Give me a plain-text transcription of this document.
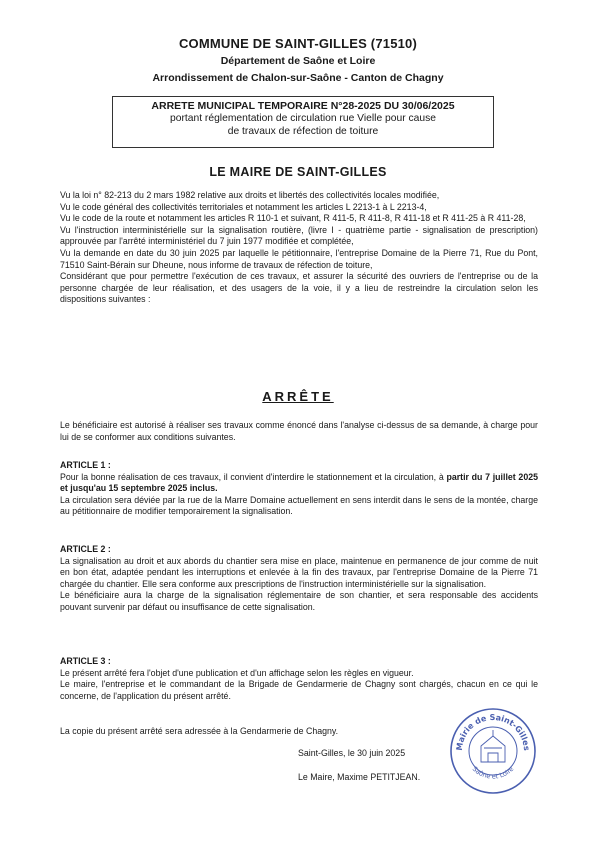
COMMUNE DE SAINT-GILLES (71510)
Département de Saône et Loire
Arrondissement de Chalon-sur-Saône - Canton de Chagny
ARRETE MUNICIPAL TEMPORAIRE N°28-2025 DU 30/06/2025
portant réglementation de circulation rue Vielle pour cause
de travaux de réfection de toiture
LE MAIRE DE SAINT-GILLES

Vu la loi n° 82-213 du 2 mars 1982 relative aux droits et libertés des collectivités locales modifiée,

Vu le code général des collectivités territoriales et notamment les articles L 2213-1 à L 2213-4,

Vu le code de la route et notamment les articles R 110-1 et suivant, R 411-5, R 411-8, R 411-18 et R 411-25 à R 411-28,

Vu l'instruction interministérielle sur la signalisation routière, (livre I - quatrième partie - signalisation de prescription) approuvée par l'arrêté interministériel du 7 juin 1977 modifiée et complétée,

Vu la demande en date du 30 juin 2025 par laquelle le pétitionnaire, l'entreprise Domaine de la Pierre 71, Rue du Pont, 71510 Saint-Bérain sur Dheune, nous informe de travaux de réfection de toiture,

Considérant que pour permettre l'exécution de ces travaux, et assurer la sécurité des ouvriers de l'entreprise ou de la personne chargée de leur réalisation, et des usagers de la voie, il y a lieu de restreindre la circulation selon les dispositions suivantes :

ARRÊTE

Le bénéficiaire est autorisé à réaliser ses travaux comme énoncé dans l'analyse ci-dessus de sa demande, à charge pour lui de se conformer aux conditions suivantes.

ARTICLE 1 :

Pour la bonne réalisation de ces travaux, il convient d'interdire le stationnement et la circulation, à partir du 7 juillet 2025 et jusqu'au 15 septembre 2025 inclus.

La circulation sera déviée par la rue de la Marre Domaine actuellement en sens interdit dans le sens de la montée, charge au pétitionnaire de modifier temporairement la signalisation.

ARTICLE 2 :

La signalisation au droit et aux abords du chantier sera mise en place, maintenue en permanence de jour comme de nuit en bon état, adaptée pendant les interruptions et enlevée à la fin des travaux, par l'entreprise Domaine de la Pierre 71 chargée du chantier. Elle sera conforme aux prescriptions de l'instruction interministérielle sur la signalisation.

Le bénéficiaire aura la charge de la signalisation réglementaire de son chantier, et sera responsable des accidents pouvant survenir par défaut ou insuffisance de cette signalisation.

ARTICLE 3 :

Le présent arrêté fera l'objet d'une publication et d'un affichage selon les règles en vigueur.

Le maire, l'entreprise et le commandant de la Brigade de Gendarmerie de Chagny sont chargés, chacun en ce qui le concerne, de l'application du présent arrêté.

La copie du présent arrêté sera adressée à la Gendarmerie de Chagny.

Saint-Gilles, le 30 juin 2025
Le Maire, Maxime PETITJEAN.
Mairie de Saint-Gilles
Saône et Loire
